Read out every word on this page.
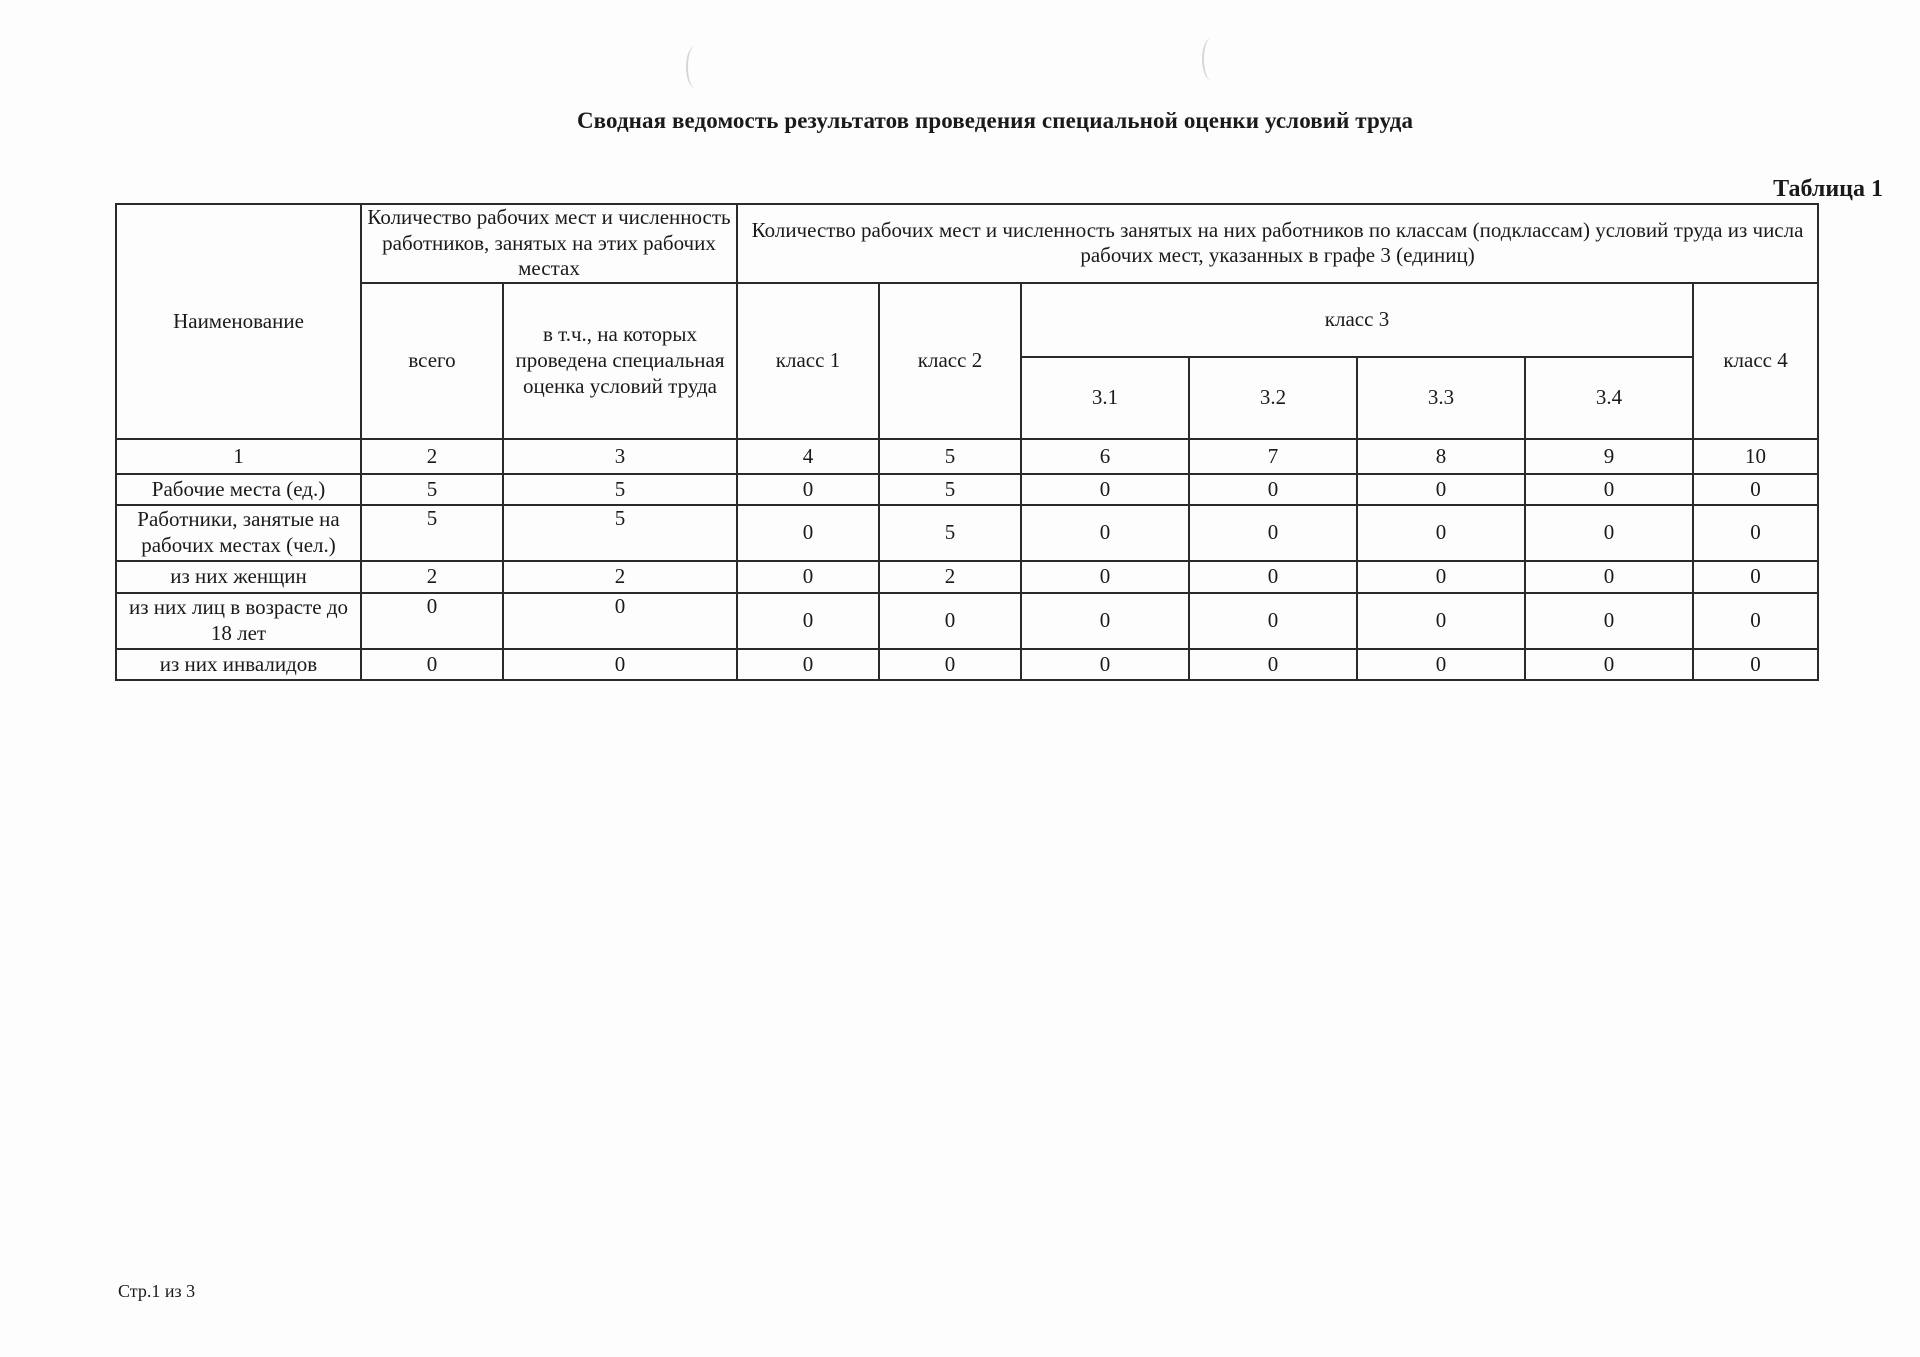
Сводная ведомость результатов проведения специальной оценки условий труда
Таблица 1
Наименование	Количество рабочих мест и численность работников, занятых на этих рабочих местах		Количество рабочих мест и численность занятых на них работников по классам (подклассам) условий труда из числа рабочих мест, указанных в графе 3 (единиц)						
	всего	в т.ч., на которых проведена специальная оценка условий труда	класс 1	класс 2	класс 3				класс 4
					3.1	3.2	3.3	3.4	
1	2	3	4	5	6	7	8	9	10
Рабочие места (ед.)	5	5	0	5	0	0	0	0	0
Работники, занятые на рабочих местах (чел.)	5	5	0	5	0	0	0	0	0
из них женщин	2	2	0	2	0	0	0	0	0
из них лиц в возрасте до 18 лет	0	0	0	0	0	0	0	0	0
из них инвалидов	0	0	0	0	0	0	0	0	0
Стр.1 из 3
